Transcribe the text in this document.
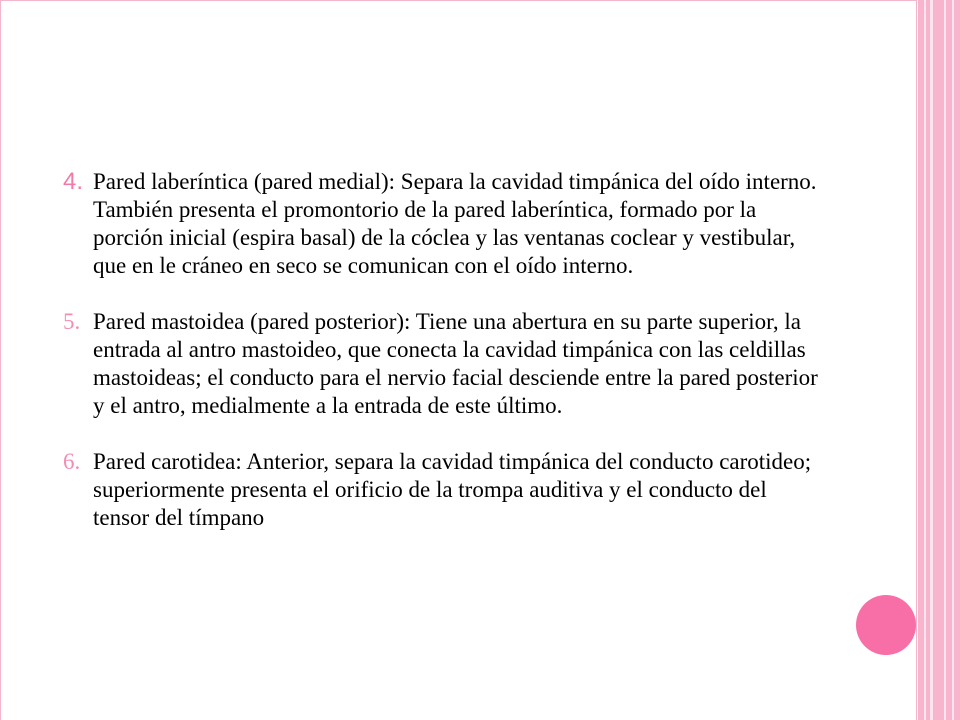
4. Pared laberíntica (pared medial): Separa la cavidad timpánica del oído interno. También presenta el promontorio de la pared laberíntica, formado por la porción inicial (espira basal) de la cóclea y las ventanas coclear y vestibular, que en le cráneo en seco se comunican con el oído interno.
5. Pared mastoidea (pared posterior): Tiene una abertura en su parte superior, la entrada al antro mastoideo, que conecta la cavidad timpánica con las celdillas mastoideas; el conducto para el nervio facial desciende entre la pared posterior y el antro, medialmente a la entrada de este último.
6. Pared carotidea: Anterior, separa la cavidad timpánica del conducto carotideo; superiormente presenta el orificio de la trompa auditiva y el conducto del tensor del tímpano
